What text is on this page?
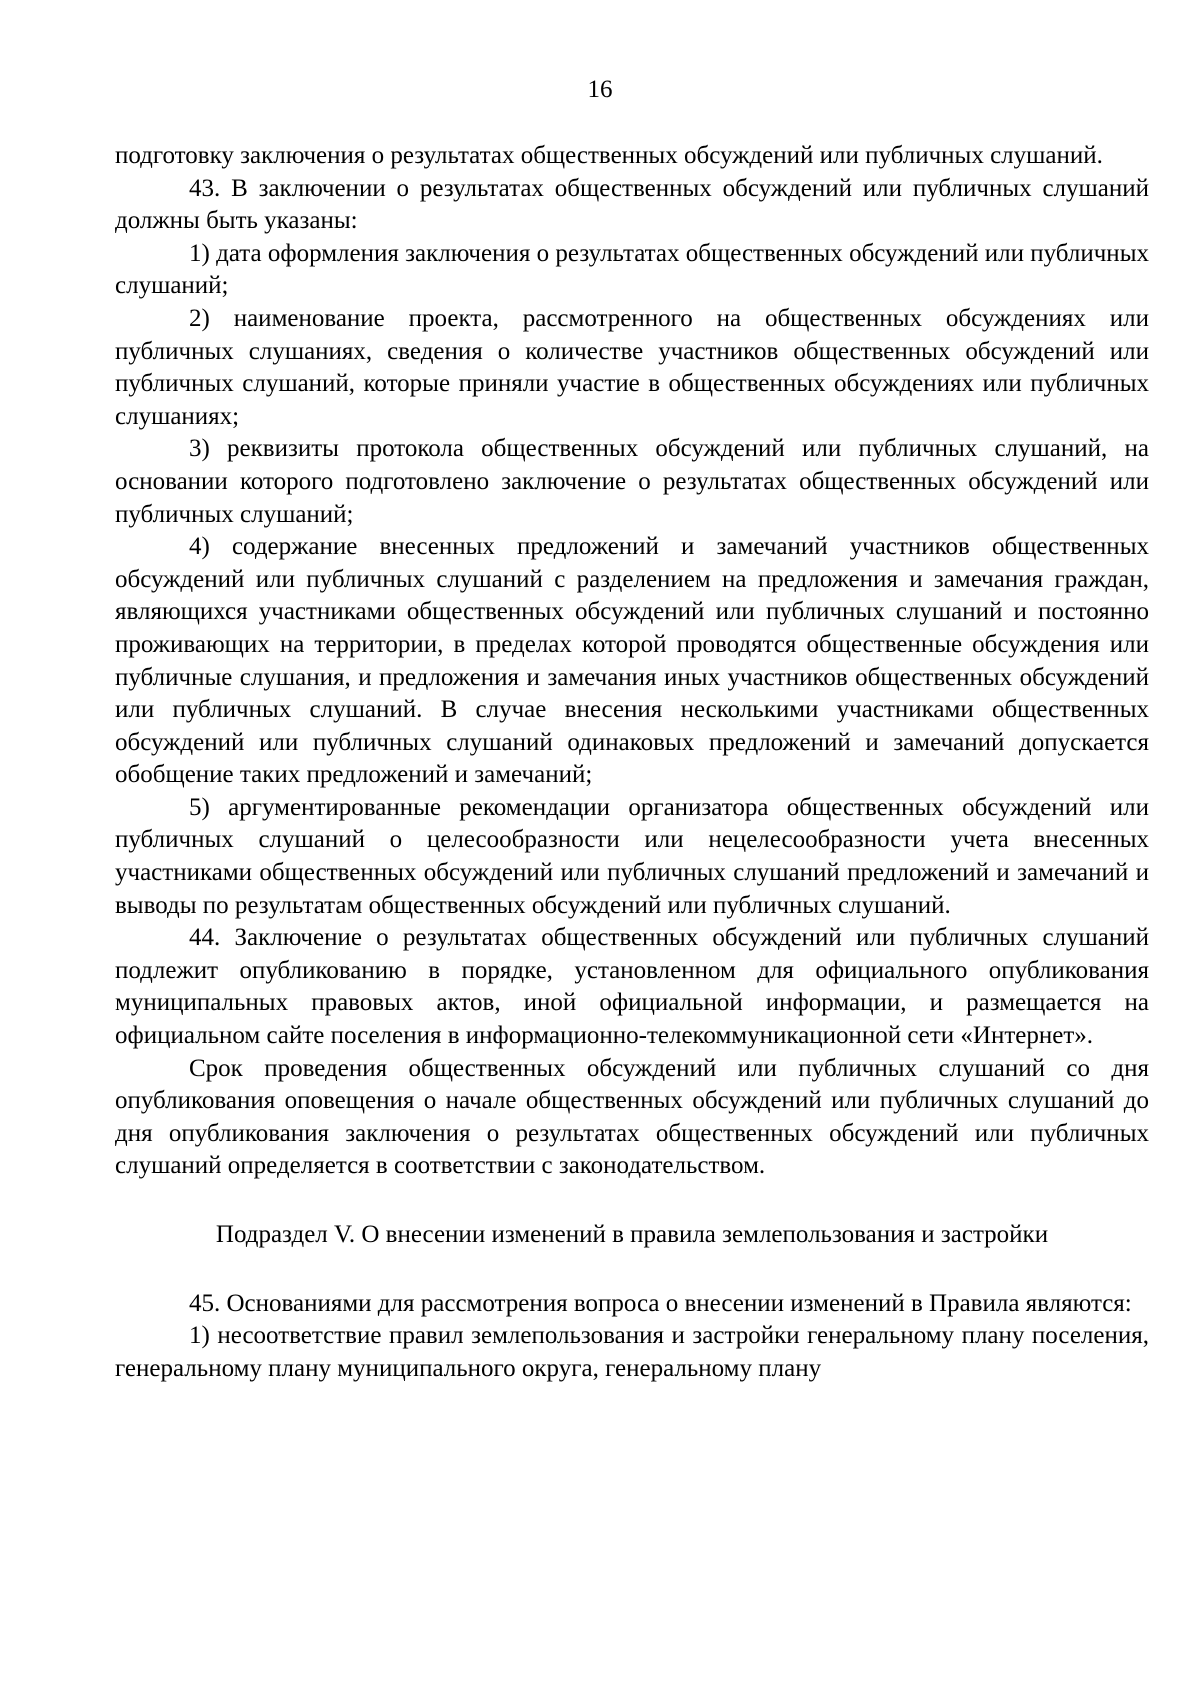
16

подготовку заключения о результатах общественных обсуждений или публичных слушаний.

43. В заключении о результатах общественных обсуждений или публичных слушаний должны быть указаны:

1) дата оформления заключения о результатах общественных обсуждений или публичных слушаний;

2) наименование проекта, рассмотренного на общественных обсуждениях или публичных слушаниях, сведения о количестве участников общественных обсуждений или публичных слушаний, которые приняли участие в общественных обсуждениях или публичных слушаниях;

3) реквизиты протокола общественных обсуждений или публичных слушаний, на основании которого подготовлено заключение о результатах общественных обсуждений или публичных слушаний;

4) содержание внесенных предложений и замечаний участников общественных обсуждений или публичных слушаний с разделением на предложения и замечания граждан, являющихся участниками общественных обсуждений или публичных слушаний и постоянно проживающих на территории, в пределах которой проводятся общественные обсуждения или публичные слушания, и предложения и замечания иных участников общественных обсуждений или публичных слушаний. В случае внесения несколькими участниками общественных обсуждений или публичных слушаний одинаковых предложений и замечаний допускается обобщение таких предложений и замечаний;

5) аргументированные рекомендации организатора общественных обсуждений или публичных слушаний о целесообразности или нецелесообразности учета внесенных участниками общественных обсуждений или публичных слушаний предложений и замечаний и выводы по результатам общественных обсуждений или публичных слушаний.

44. Заключение о результатах общественных обсуждений или публичных слушаний подлежит опубликованию в порядке, установленном для официального опубликования муниципальных правовых актов, иной официальной информации, и размещается на официальном сайте поселения в информационно-телекоммуникационной сети «Интернет».

Срок проведения общественных обсуждений или публичных слушаний со дня опубликования оповещения о начале общественных обсуждений или публичных слушаний до дня опубликования заключения о результатах общественных обсуждений или публичных слушаний определяется в соответствии с законодательством.

Подраздел V. О внесении изменений в правила землепользования и застройки

45. Основаниями для рассмотрения вопроса о внесении изменений в Правила являются:

1) несоответствие правил землепользования и застройки генеральному плану поселения, генеральному плану муниципального округа, генеральному плану
